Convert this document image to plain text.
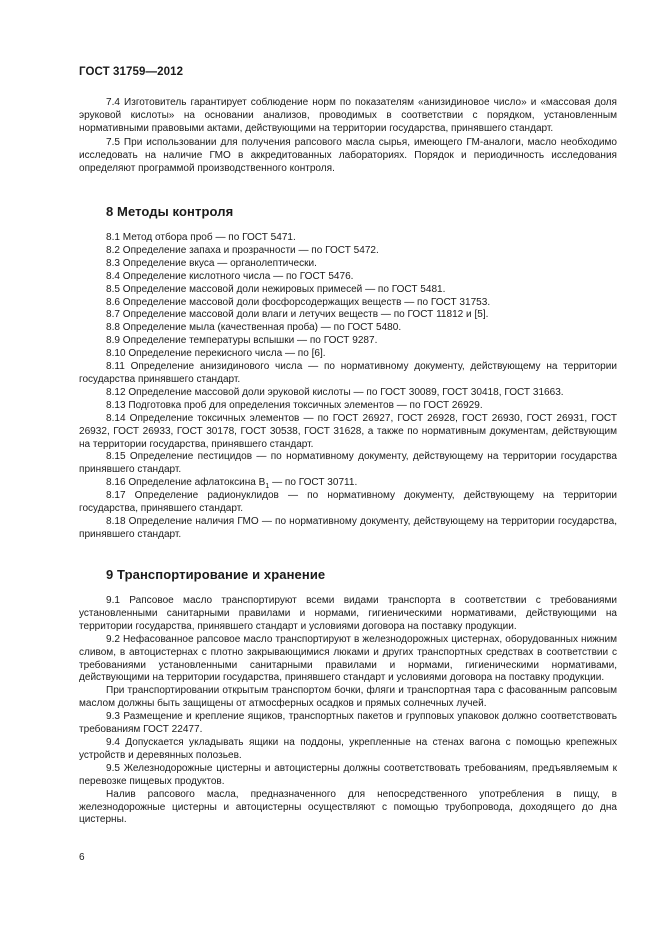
ГОСТ 31759—2012

7.4 Изготовитель гарантирует соблюдение норм по показателям «анизидиновое число» и «массовая доля эруковой кислоты» на основании анализов, проводимых в соответствии с порядком, установленным нормативными правовыми актами, действующими на территории государства, принявшего стандарт.

7.5 При использовании для получения рапсового масла сырья, имеющего ГМ-аналоги, масло необходимо исследовать на наличие ГМО в аккредитованных лабораториях. Порядок и периодичность исследования определяют программой производственного контроля.

8 Методы контроля

8.1 Метод отбора проб — по ГОСТ 5471.

8.2 Определение запаха и прозрачности — по ГОСТ 5472.

8.3 Определение вкуса — органолептически.

8.4 Определение кислотного числа — по ГОСТ 5476.

8.5 Определение массовой доли нежировых примесей — по ГОСТ 5481.

8.6 Определение массовой доли фосфорсодержащих веществ — по ГОСТ 31753.

8.7 Определение массовой доли влаги и летучих веществ — по ГОСТ 11812 и [5].

8.8 Определение мыла (качественная проба) — по ГОСТ 5480.

8.9 Определение температуры вспышки — по ГОСТ 9287.

8.10 Определение перекисного числа — по [6].

8.11 Определение анизидинового числа — по нормативному документу, действующему на территории государства принявшего стандарт.

8.12 Определение массовой доли эруковой кислоты — по ГОСТ 30089, ГОСТ 30418, ГОСТ 31663.

8.13 Подготовка проб для определения токсичных элементов — по ГОСТ 26929.

8.14 Определение токсичных элементов — по ГОСТ 26927, ГОСТ 26928, ГОСТ 26930, ГОСТ 26931, ГОСТ 26932, ГОСТ 26933, ГОСТ 30178, ГОСТ 30538, ГОСТ 31628, а также по нормативным документам, действующим на территории государства, принявшего стандарт.

8.15 Определение пестицидов — по нормативному документу, действующему на территории государства принявшего стандарт.

8.16 Определение афлатоксина $В_1$ — по ГОСТ 30711.

8.17 Определение радионуклидов — по нормативному документу, действующему на территории государства, принявшего стандарт.

8.18 Определение наличия ГМО — по нормативному документу, действующему на территории государства, принявшего стандарт.

9 Транспортирование и хранение

9.1 Рапсовое масло транспортируют всеми видами транспорта в соответствии с требованиями установленными санитарными правилами и нормами, гигиеническими нормативами, действующими на территории государства, принявшего стандарт и условиями договора на поставку продукции.

9.2 Нефасованное рапсовое масло транспортируют в железнодорожных цистернах, оборудованных нижним сливом, в автоцистернах с плотно закрывающимися люками и других транспортных средствах в соответствии с требованиями установленными санитарными правилами и нормами, гигиеническими нормативами, действующими на территории государства, принявшего стандарт и условиями договора на поставку продукции.

При транспортировании открытым транспортом бочки, фляги и транспортная тара с фасованным рапсовым маслом должны быть защищены от атмосферных осадков и прямых солнечных лучей.

9.3 Размещение и крепление ящиков, транспортных пакетов и групповых упаковок должно соответствовать требованиям ГОСТ 22477.

9.4 Допускается укладывать ящики на поддоны, укрепленные на стенах вагона с помощью крепежных устройств и деревянных полозьев.

9.5 Железнодорожные цистерны и автоцистерны должны соответствовать требованиям, предъявляемым к перевозке пищевых продуктов.

Налив рапсового масла, предназначенного для непосредственного употребления в пищу, в железнодорожные цистерны и автоцистерны осуществляют с помощью трубопровода, доходящего до дна цистерны.

6
